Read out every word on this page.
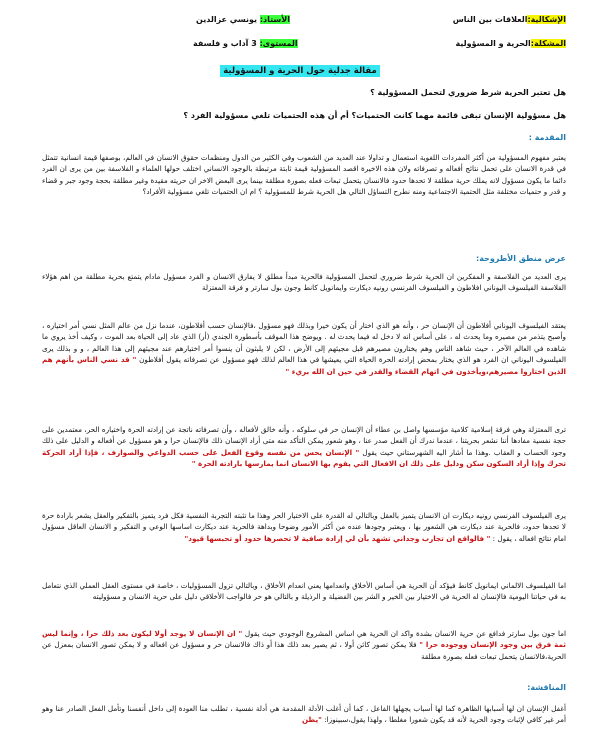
الإشكالية:العلاقات بين الناس
الأستاذ: يونسي عزالدين
المشكلة:الحرية و المسؤولية
المستوى: 3 آداب و فلسفة
مقالة جدلية حول الحرية و المسؤولية
هل تعتبر الحرية شرط ضروري لتحمل المسؤولية ؟
هل مسؤولية الإنسان تبقى قائمة مهما كانت الحتميات؟ أم أن هذه الحتميات تلغي مسؤولية الفرد ؟
المقدمة :
يعتبر مفهوم المسؤولية من أكثر المفردات اللغوية استعمال و تداولا عند العديد من الشعوب وفي الكثير من الدول ومنظمات حقوق الانسان في العالم، بوصفها قيمة انسانية تتمثل في قدرة الانسان على تحمل نتائج أفعاله و تصرفاته ولان هذه الاخيرة اقصد المسؤولية قيمة ثابتة مرتبطة بالوجود الانساني اختلف حولها العلماء و الفلاسفة بين من يرى ان الفرد دائما ما يكون مسؤول لانه يملك حرية مطلقة لا تحدها حدود فالانسان يتحمل تبعات فعله بصورة مطلقة بينما يرى البعض الاخر ان حريته مقيدة وغير مطلقة بحجة وجود جبر و قضاء و قدر و حتميات مختلفة مثل الحتمية الاجتماعية ومنه نطرح التساؤل التالي هل الحرية شرط للمسؤولية ؟ ام ان الحتميات تلغي مسؤولية الأفراد؟
عرض منطق الأطروحة:
يرى العديد من الفلاسفة و المفكرين ان الحرية شرط ضروري لتحمل المسؤولية فالحرية مبدأ مطلق لا يفارق الانسان و الفرد مسؤول مادام يتمتع بحرية مطلقة من اهم هؤلاء الفلاسفة الفيلسوف اليوناني افلاطون و الفيلسوف الفرنسي رونيه ديكارت وايمانويل كانط وجون بول سارتر و فرقة المعتزلة
يعتقد الفيلسوف اليوناني أفلاطون أن الإنسان حر ، وأنه هو الذي اختار أن يكون خيرا وبذلك فهو مسؤول ،فالإنسان حسب أفلاطون، عندما نزل من عالم المثل نسي أمر اختياره ، وأصبح يتذمر من مصيره وما يحدث له ، على أساس انه لا دخل له فيما يحدث له . ويوضح هذا الموقف بأسطورة الجندي (أر) الذي عاد إلى الحياة بعد الموت ، وكيف أخذ يروي ما شاهده في العالم الآخر ، حيث شاهد الناس وهم يختارون مصيرهم قبل مجيئهم إلى الأرض ، لكن لا يلبثون أن ينسوا أمر اختيارهم عند مجيئهم إلى هذا العالم ، و و بذلك يرى الفيلسوف اليوناني ان الفرد هو الذي يختار بمحض إرادته الحرة الحياة التي يعيشها في هذا العالم لذلك فهو مسؤول عن تصرفاته يقول أفلاطون " قد نسي الناس بأنهم هم الذين اختاروا مصيرهم،ويأخذون في اتهام القضاء والقدر في حين ان الله بريء "
ترى المعتزلة وهي فرقة إسلامية كلامية مؤسسها واصل بن عطاء أن الإنسان حر في سلوكه ، وأنه خالق لأفعاله ، وأن تصرفاته ناتجة عن إرادته الحرة واختياره الحر، معتمدين على حجة نفسية مفادها أننا نشعر بحريتنا ، عندما ندرك أن الفعل صدر عنا ، وهو شعور يمكن التأكد منه متى أراد الإنسان ذلك فالإنسان حرا و هو مسؤول عن أفعاله و الدليل على ذلك وجود الحساب و العقاب .وهذا ما أشار اليه الشهرستاني حيث يقول " الإنسان يحس من نفسه وقوع الفعل على حسب الدواعي والصوارف ، فإذا أراد الحركة تحرك وإذا أراد السكون سكن ودليل على ذلك ان الافعال التي يقوم بها الانسان انما يمارسها بارادته الحرة "
يرى الفيلسوف الفرنسي رونيه ديكارت ان الانسان يتميز بالعقل وبالتالي له القدرة على الاختيار الحر وهذا ما تثبته التجربة النفسية فكل فرد يتميز بالتفكير والعقل يشعر بارادة حرة لا تحدها حدود، فالحرية عند ديكارت هي الشعور بها ، ويعتبر وجودها عنده من أكثر الأمور وضوحا وبداهة فالحرية عند ديكارت اساسها الوعي و التفكير و الانسان العاقل مسؤول امام نتائج افعاله ، يقول : " فالواقع ان تجارب وجداني تشهد بأن لي إرادة صافية لا تحصرها حدود أو تحبسها قيود"
اما الفيلسوف الالماني ايمانويل كانط فيؤكد أن الحرية هي أساس الأخلاق وانعدامها يعني انعدام الأخلاق ، وبالتالي تزول المسؤوليات ، خاصة في مستوى العقل العملي الذي نتعامل به في حياتنا اليومية فالإنسان له الحرية في الاختيار بين الخير و الشر بين الفضيلة و الرذيلة و بالتالي هو حر فالواجب الأخلاقي دليل على حرية الانسان و مسؤوليته
اما جون بول سارتر فدافع عن حرية الانسان بشدة واكد ان الحرية هي اساس المشروع الوجودي حيث يقول " ان الإنسان لا يوجد أولا ليكون بعد ذلك حرا ، وإنما ليس ثمة فرق بين وجود الإنسان ووجوده حرا " فلا يمكن تصور كائن أولا ، ثم يصير بعد ذلك هذا أو ذاك فالانسان حر و مسؤول عن افعاله و لا يمكن تصور الانسان بمعزل عن الحرية،فالانسان يتحمل تبعات فعله بصورة مطلقة
المناقشة:
أغفل الإنسان ان لها أسبابها الظاهرة كما لها أسباب يجهلها الفاعل ، كما أن أغلب الأدلة المقدمة هي أدلة نفسية ، تطلب منا العودة إلى داخل أنفسنا وتأمل الفعل الصادر عنا وهو أمر غير كافي لإثبات وجود الحرية لأنه قد يكون شعورا مغلطا ، ولهذا يقول،سبينوزا: "يظن
